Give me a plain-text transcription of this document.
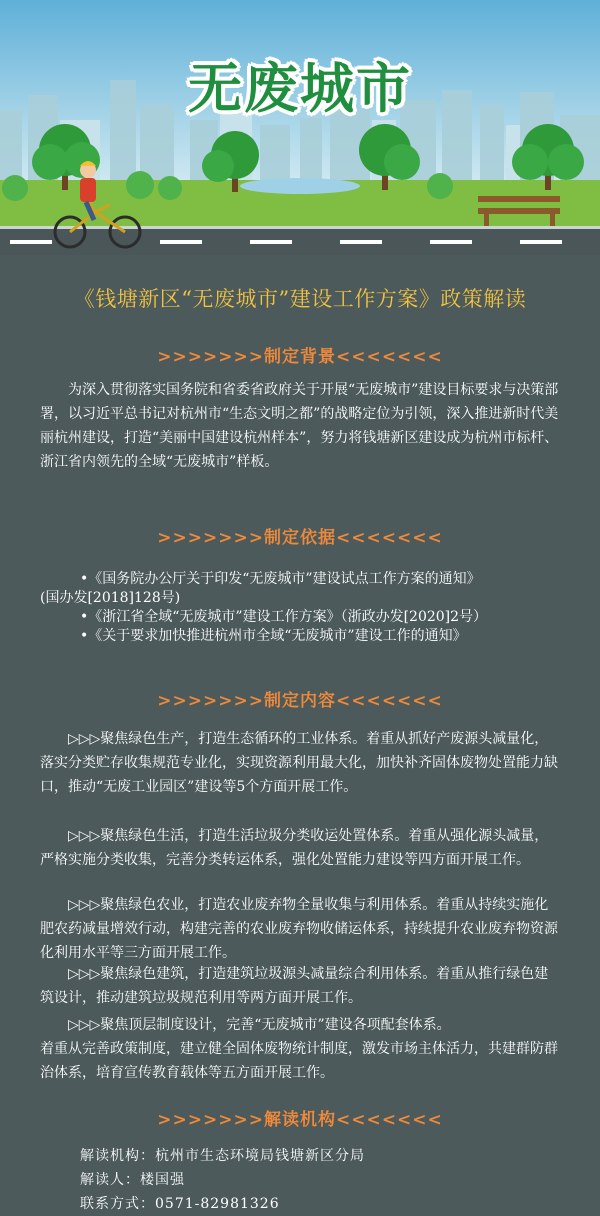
无废城市
《钱塘新区“无废城市”建设工作方案》政策解读
>>>>>>>制定背景<<<<<<<

为深入贯彻落实国务院和省委省政府关于开展“无废城市”建设目标要求与决策部署，以习近平总书记对杭州市“生态文明之都”的战略定位为引领，深入推进新时代美丽杭州建设，打造“美丽中国建设杭州样本”，努力将钱塘新区建设成为杭州市标杆、浙江省内领先的全域“无废城市”样板。

>>>>>>>制定依据<<<<<<<
•《国务院办公厅关于印发“无废城市”建设试点工作方案的通知》
(国办发[2018]128号)
•《浙江省全域“无废城市”建设工作方案》（浙政办发[2020]2号）
•《关于要求加快推进杭州市全域“无废城市”建设工作的通知》
>>>>>>>制定内容<<<<<<<

▷▷▷聚焦绿色生产，打造生态循环的工业体系。着重从抓好产废源头减量化，落实分类贮存收集规范专业化，实现资源利用最大化，加快补齐固体废物处置能力缺口，推动“无废工业园区”建设等5个方面开展工作。

▷▷▷聚焦绿色生活，打造生活垃圾分类收运处置体系。着重从强化源头减量，严格实施分类收集，完善分类转运体系，强化处置能力建设等四方面开展工作。

▷▷▷聚焦绿色农业，打造农业废弃物全量收集与利用体系。着重从持续实施化肥农药减量增效行动，构建完善的农业废弃物收储运体系，持续提升农业废弃物资源化利用水平等三方面开展工作。

▷▷▷聚焦绿色建筑，打造建筑垃圾源头减量综合利用体系。着重从推行绿色建筑设计，推动建筑垃圾规范利用等两方面开展工作。

▷▷▷聚焦顶层制度设计，完善“无废城市”建设各项配套体系。

着重从完善政策制度，建立健全固体废物统计制度，激发市场主体活力，共建群防群治体系，培育宣传教育载体等五方面开展工作。

>>>>>>>解读机构<<<<<<<
解读机构：杭州市生态环境局钱塘新区分局
解读人：楼国强
联系方式：0571-82981326
